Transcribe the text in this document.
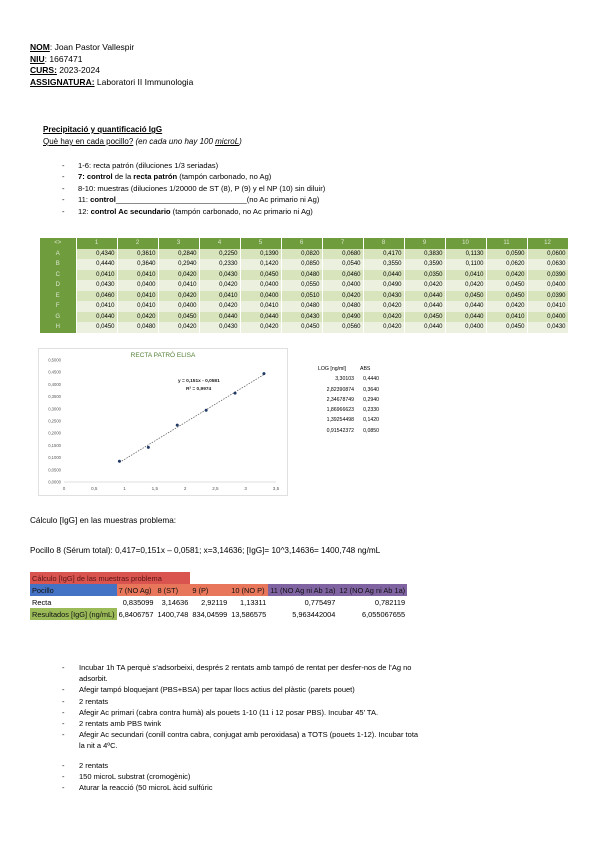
NOM: Joan Pastor Vallespir
NIU: 1667471
CURS: 2023-2024
ASSIGNATURA: Laboratori II Immunologia
Precipitació y quantificació IgG
Què hay en cada pocillo? (en cada uno hay 100 microL)
- 1-6: recta patrón (diluciones 1/3 seriadas)
- 7: control de la recta patrón (tampón carbonado, no Ag)
- 8-10: muestras (diluciones 1/20000 de ST (8), P (9) y el NP (10) sin diluir)
- 11: control_______________________________(no Ac primario ni Ag)
- 12: control Ac secundario (tampón carbonado, no Ac primario ni Ag)
<>	1	2	3	4	5	6	7	8	9	10	11	12
A	0,4340	0,3610	0,2840	0,2250	0,1390	0,0820	0,0680	0,4170	0,3830	0,1130	0,0590	0,0600
B	0,4440	0,3640	0,2940	0,2330	0,1420	0,0850	0,0540	0,3550	0,3590	0,1100	0,0620	0,0630
C	0,0410	0,0410	0,0420	0,0430	0,0450	0,0480	0,0460	0,0440	0,0350	0,0410	0,0420	0,0390
D	0,0430	0,0400	0,0410	0,0420	0,0400	0,0550	0,0400	0,0490	0,0420	0,0420	0,0450	0,0400
E	0,0460	0,0410	0,0420	0,0410	0,0400	0,0510	0,0420	0,0430	0,0440	0,0450	0,0450	0,0390
F	0,0410	0,0410	0,0400	0,0420	0,0410	0,0480	0,0480	0,0420	0,0440	0,0440	0,0420	0,0410
G	0,0440	0,0420	0,0450	0,0440	0,0440	0,0430	0,0490	0,0420	0,0450	0,0440	0,0410	0,0400
H	0,0450	0,0480	0,0420	0,0430	0,0420	0,0450	0,0560	0,0420	0,0440	0,0400	0,0450	0,0430
RECTA PATRÓ ELISA
0,0000
0,0500
0,1000
0,1500
0,2000
0,2500
0,3000
0,3500
0,4000
0,4500
0,5000
0	0,5	1	1,5	2	2,5	3	3,5
y = 0,151x - 0,0581
R² = 0,9974
LOG [ng/ml]	ABS
3,30103	0,4440
2,82390874	0,3640
2,34678749	0,2940
1,86966623	0,2330
1,39254498	0,1420
0,91542372	0,0850
Cálculo [IgG] en las muestras problema:
Pocillo 8 (Sérum total): 0,417=0,151x – 0,0581; x=3,14636; [IgG]= 10^3,14636= 1400,748 ng/mL
Cálculo [IgG] de las muestras problema						
Pocillo	7 (NO Ag)	8 (ST)	9 (P)	10 (NO P)	11 (NO Ag ni Ab 1a)	12 (NO Ag ni Ab 1a)
Recta	0,835099	3,14636	2,92119	1,13311	0,775497	0,782119
Resultados [IgG] (ng/mL)	6,8406757	1400,748	834,04599	13,586575	5,963442004	6,055067655
- Incubar 1h TA perquè s’adsorbeixi, després 2 rentats amb tampó de rentat per desfer-nos de l’Ag no
adsorbit.
- Afegir tampó bloquejant (PBS+BSA) per tapar llocs actius del plàstic (parets pouet)
- 2 rentats
- Afegir Ac primari (cabra contra humà) als pouets 1-10 (11 i 12 posar PBS). Incubar 45’ TA.
- 2 rentats amb PBS twink
- Afegir Ac secundari (conill contra cabra, conjugat amb peroxidasa) a TOTS (pouets 1-12). Incubar tota
la nit a 4ºC.
- 2 rentats
- 150 microL substrat (cromogènic)
- Aturar la reacció (50 microL àcid sulfúric
